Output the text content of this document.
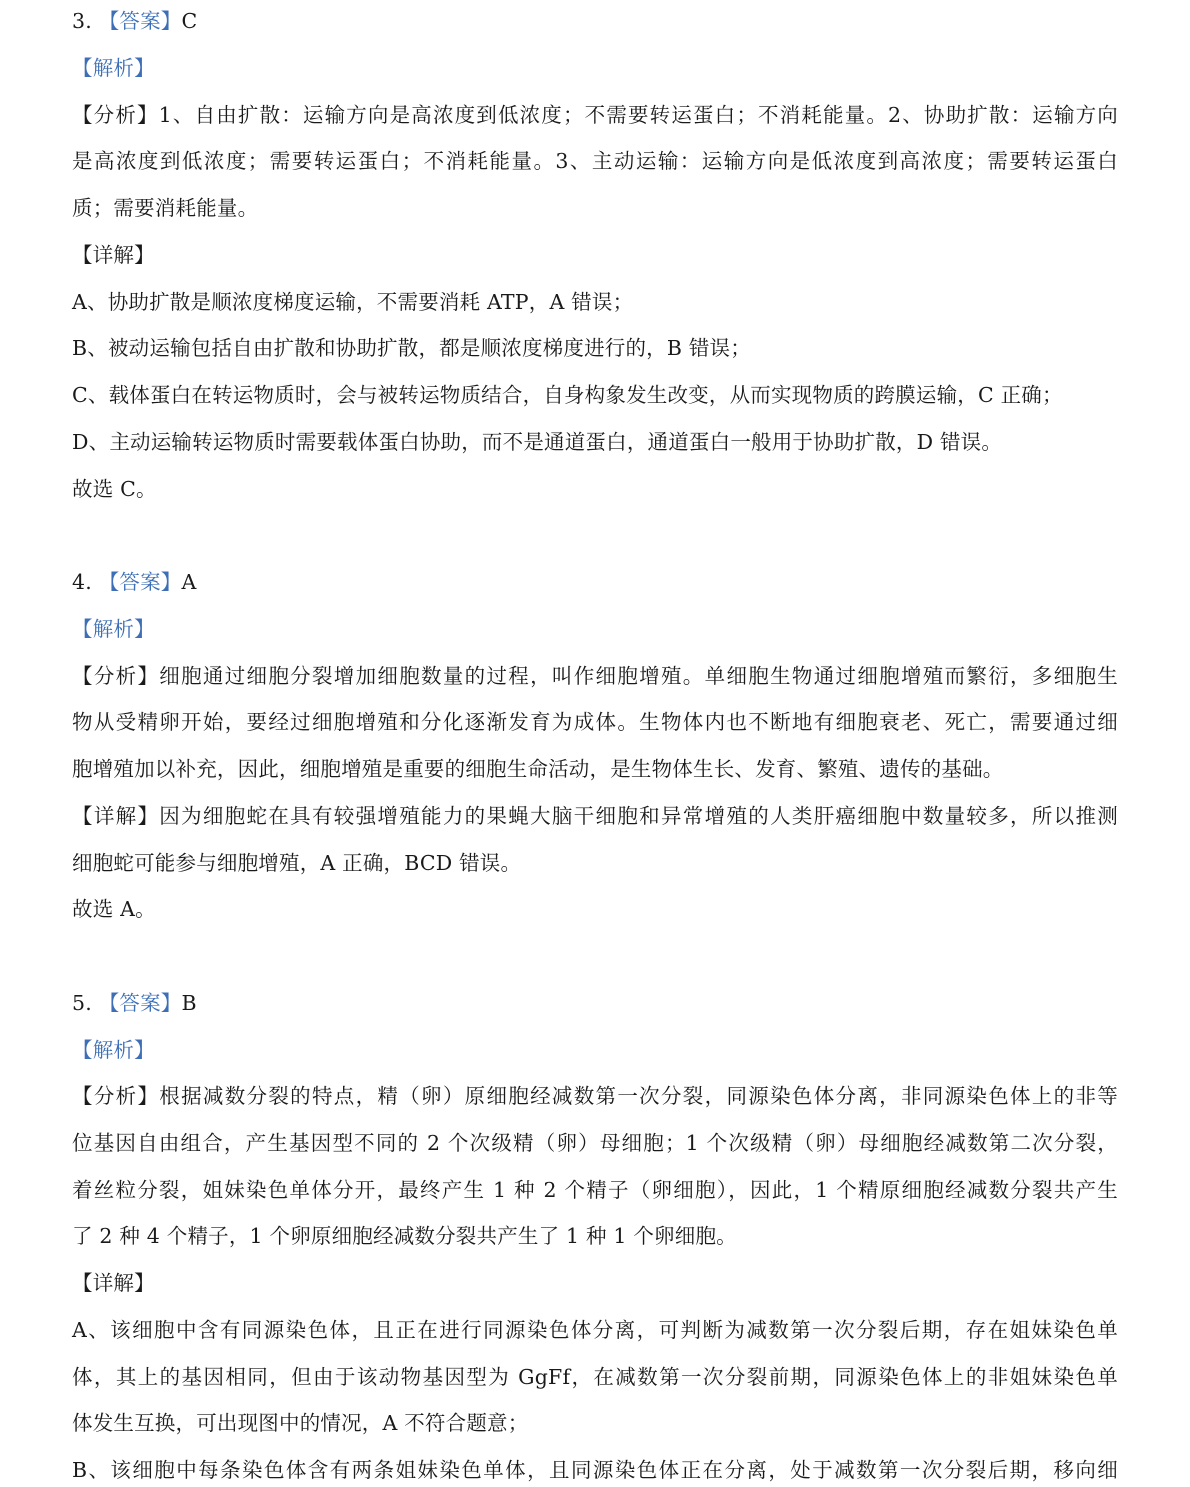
3. 【答案】C
【解析】
【分析】1、自由扩散：运输方向是高浓度到低浓度；不需要转运蛋白；不消耗能量。2、协助扩散：运输方向
是高浓度到低浓度；需要转运蛋白；不消耗能量。3、主动运输：运输方向是低浓度到高浓度；需要转运蛋白
质；需要消耗能量。
【详解】
A、协助扩散是顺浓度梯度运输，不需要消耗 ATP，A 错误；
B、被动运输包括自由扩散和协助扩散，都是顺浓度梯度进行的，B 错误；
C、载体蛋白在转运物质时，会与被转运物质结合，自身构象发生改变，从而实现物质的跨膜运输，C 正确；
D、主动运输转运物质时需要载体蛋白协助，而不是通道蛋白，通道蛋白一般用于协助扩散，D 错误。
故选 C。
4. 【答案】A
【解析】
【分析】细胞通过细胞分裂增加细胞数量的过程，叫作细胞增殖。单细胞生物通过细胞增殖而繁衍，多细胞生
物从受精卵开始，要经过细胞增殖和分化逐渐发育为成体。生物体内也不断地有细胞衰老、死亡，需要通过细
胞增殖加以补充，因此，细胞增殖是重要的细胞生命活动，是生物体生长、发育、繁殖、遗传的基础。
【详解】因为细胞蛇在具有较强增殖能力的果蝇大脑干细胞和异常增殖的人类肝癌细胞中数量较多，所以推测
细胞蛇可能参与细胞增殖，A 正确，BCD 错误。
故选 A。
5. 【答案】B
【解析】
【分析】根据减数分裂的特点，精（卵）原细胞经减数第一次分裂，同源染色体分离，非同源染色体上的非等
位基因自由组合，产生基因型不同的 2 个次级精（卵）母细胞；1 个次级精（卵）母细胞经减数第二次分裂，
着丝粒分裂，姐妹染色单体分开，最终产生 1 种 2 个精子（卵细胞），因此，1 个精原细胞经减数分裂共产生
了 2 种 4 个精子，1 个卵原细胞经减数分裂共产生了 1 种 1 个卵细胞。
【详解】
A、该细胞中含有同源染色体，且正在进行同源染色体分离，可判断为减数第一次分裂后期，存在姐妹染色单
体，其上的基因相同，但由于该动物基因型为 GgFf，在减数第一次分裂前期，同源染色体上的非姐妹染色单
体发生互换，可出现图中的情况，A 不符合题意；
B、该细胞中每条染色体含有两条姐妹染色单体，且同源染色体正在分离，处于减数第一次分裂后期，移向细
